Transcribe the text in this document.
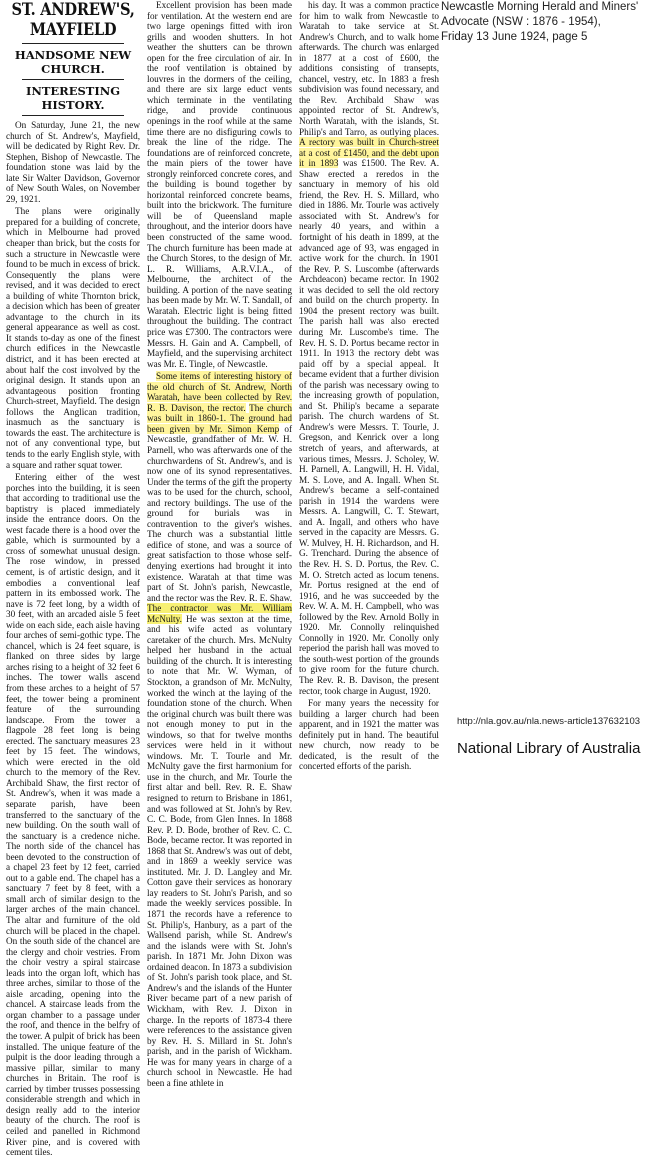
Newcastle Morning Herald and Miners' Advocate (NSW : 1876 - 1954),
Friday 13 June 1924, page 5
ST. ANDREW'S, MAYFIELD
HANDSOME NEW CHURCH.
INTERESTING HISTORY.

On Saturday, June 21, the new church of St. Andrew's, Mayfield, will be dedicated by Right Rev. Dr. Stephen, Bishop of Newcastle. The foundation stone was laid by the late Sir Walter Davidson, Governor of New South Wales, on November 29, 1921.

The plans were originally prepared for a building of concrete, which in Melbourne had proved cheaper than brick, but the costs for such a structure in Newcastle were found to be much in excess of brick. Consequently the plans were revised, and it was decided to erect a building of white Thornton brick, a decision which has been of greater advantage to the church in its general appearance as well as cost. It stands to-day as one of the finest church edifices in the Newcastle district, and it has been erected at about half the cost involved by the original design. It stands upon an advantageous position fronting Church-street, Mayfield. The design follows the Anglican tradition, inasmuch as the sanctuary is towards the east. The architecture is not of any conventional type, but tends to the early English style, with a square and rather squat tower.

Entering either of the west porches into the building, it is seen that according to traditional use the baptistry is placed immediately inside the entrance doors. On the west facade there is a hood over the gable, which is surmounted by a cross of somewhat unusual design. The rose window, in pressed cement, is of artistic design, and it embodies a conventional leaf pattern in its embossed work. The nave is 72 feet long, by a width of 30 feet, with an arcaded aisle 5 feet wide on each side, each aisle having four arches of semi-gothic type. The chancel, which is 24 feet square, is flanked on three sides by large arches rising to a height of 32 feet 6 inches. The tower walls ascend from these arches to a height of 57 feet, the tower being a prominent feature of the surrounding landscape. From the tower a flagpole 28 feet long is being erected. The sanctuary measures 23 feet by 15 feet. The windows, which were erected in the old church to the memory of the Rev. Archibald Shaw, the first rector of St. Andrew's, when it was made a separate parish, have been transferred to the sanctuary of the new building. On the south wall of the sanctuary is a credence niche. The north side of the chancel has been devoted to the construction of a chapel 23 feet by 12 feet, carried out to a gable end. The chapel has a sanctuary 7 feet by 8 feet, with a small arch of similar design to the larger arches of the main chancel. The altar and furniture of the old church will be placed in the chapel. On the south side of the chancel are the clergy and choir vestries. From the choir vestry a spiral staircase leads into the organ loft, which has three arches, similar to those of the aisle arcading, opening into the chancel. A staircase leads from the organ chamber to a passage under the roof, and thence in the belfry of the tower. A pulpit of brick has been installed. The unique feature of the pulpit is the door leading through a massive pillar, similar to many churches in Britain. The roof is carried by timber trusses possessing considerable strength and which in design really add to the interior beauty of the church. The roof is ceiled and panelled in Richmond River pine, and is covered with cement tiles.

Excellent provision has been made for ventilation. At the western end are two large openings fitted with iron grills and wooden shutters. In hot weather the shutters can be thrown open for the free circulation of air. In the roof ventilation is obtained by louvres in the dormers of the ceiling, and there are six large educt vents which terminate in the ventilating ridge, and provide continuous openings in the roof while at the same time there are no disfiguring cowls to break the line of the ridge. The foundations are of reinforced concrete, the main piers of the tower have strongly reinforced concrete cores, and the building is bound together by horizontal reinforced concrete beams, built into the brickwork. The furniture will be of Queensland maple throughout, and the interior doors have been constructed of the same wood. The church furniture has been made at the Church Stores, to the design of Mr. L. R. Williams, A.R.V.I.A., of Melbourne, the architect of the building. A portion of the nave seating has been made by Mr. W. T. Sandall, of Waratah. Electric light is being fitted throughout the building. The contract price was £7300. The contractors were Messrs. H. Gain and A. Campbell, of Mayfield, and the supervising architect was Mr. E. Tingle, of Newcastle.

Some items of interesting history of the old church of St. Andrew, North Waratah, have been collected by Rev. R. B. Davison, the rector. The church was built in 1860-1. The ground had been given by Mr. Simon Kemp of Newcastle, grandfather of Mr. W. H. Parnell, who was afterwards one of the churchwardens of St. Andrew's, and is now one of its synod representatives. Under the terms of the gift the property was to be used for the church, school, and rectory buildings. The use of the ground for burials was in contravention to the giver's wishes. The church was a substantial little edifice of stone, and was a source of great satisfaction to those whose self-denying exertions had brought it into existence. Waratah at that time was part of St. John's parish, Newcastle, and the rector was the Rev. R. E. Shaw. The contractor was Mr. William McNulty. He was sexton at the time, and his wife acted as voluntary caretaker of the church. Mrs. McNulty helped her husband in the actual building of the church. It is interesting to note that Mr. W. Wyman, of Stockton, a grandson of Mr. McNulty, worked the winch at the laying of the foundation stone of the church. When the original church was built there was not enough money to put in the windows, so that for twelve months services were held in it without windows. Mr. T. Tourle and Mr. McNulty gave the first harmonium for use in the church, and Mr. Tourle the first altar and bell. Rev. R. E. Shaw resigned to return to Brisbane in 1861, and was followed at St. John's by Rev. C. C. Bode, from Glen Innes. In 1868 Rev. P. D. Bode, brother of Rev. C. C. Bode, became rector. It was reported in 1868 that St. Andrew's was out of debt, and in 1869 a weekly service was instituted. Mr. J. D. Langley and Mr. Cotton gave their services as honorary lay readers to St. John's Parish, and so made the weekly services possible. In 1871 the records have a reference to St. Philip's, Hanbury, as a part of the Wallsend parish, while St. Andrew's and the islands were with St. John's parish. In 1871 Mr. John Dixon was ordained deacon. In 1873 a subdivision of St. John's parish took place, and St. Andrew's and the islands of the Hunter River became part of a new parish of Wickham, with Rev. J. Dixon in charge. In the reports of 1873-4 there were references to the assistance given by Rev. H. S. Millard in St. John's parish, and in the parish of Wickham. He was for many years in charge of a church school in Newcastle. He had been a fine athlete in

his day. It was a common practice for him to walk from Newcastle to Waratah to take service at St. Andrew's Church, and to walk home afterwards. The church was enlarged in 1877 at a cost of £600, the additions consisting of transepts, chancel, vestry, etc. In 1883 a fresh subdivision was found necessary, and the Rev. Archibald Shaw was appointed rector of St. Andrew's, North Waratah, with the islands, St. Philip's and Tarro, as outlying places. A rectory was built in Church-street at a cost of £1450, and the debt upon it in 1893 was £1500. The Rev. A. Shaw erected a reredos in the sanctuary in memory of his old friend, the Rev. H. S. Millard, who died in 1886. Mr. Tourle was actively associated with St. Andrew's for nearly 40 years, and within a fortnight of his death in 1899, at the advanced age of 93, was engaged in active work for the church. In 1901 the Rev. P. S. Luscombe (afterwards Archdeacon) became rector. In 1902 it was decided to sell the old rectory and build on the church property. In 1904 the present rectory was built. The parish hall was also erected during Mr. Luscombe's time. The Rev. H. S. D. Portus became rector in 1911. In 1913 the rectory debt was paid off by a special appeal. It became evident that a further division of the parish was necessary owing to the increasing growth of population, and St. Philip's became a separate parish. The church wardens of St. Andrew's were Messrs. T. Tourle, J. Gregson, and Kenrick over a long stretch of years, and afterwards, at various times, Messrs. J. Scholey, W. H. Parnell, A. Langwill, H. H. Vidal, M. S. Love, and A. Ingall. When St. Andrew's became a self-contained parish in 1914 the wardens were Messrs. A. Langwill, C. T. Stewart, and A. Ingall, and others who have served in the capacity are Messrs. G. W. Mulvey, H. H. Richardson, and H. G. Trenchard. During the absence of the Rev. H. S. D. Portus, the Rev. C. M. O. Stretch acted as locum tenens. Mr. Portus resigned at the end of 1916, and he was succeeded by the Rev. W. A. M. H. Campbell, who was followed by the Rev. Arnold Bolly in 1920. Mr. Connolly relinquished Connolly in 1920. Mr. Conolly only reperiod the parish hall was moved to the south-west portion of the grounds to give room for the future church. The Rev. R. B. Davison, the present rector, took charge in August, 1920.

For many years the necessity for building a larger church had been apparent, and in 1921 the matter was definitely put in hand. The beautiful new church, now ready to be dedicated, is the result of the concerted efforts of the parish.

http://nla.gov.au/nla.news-article137632103
National Library of Australia
